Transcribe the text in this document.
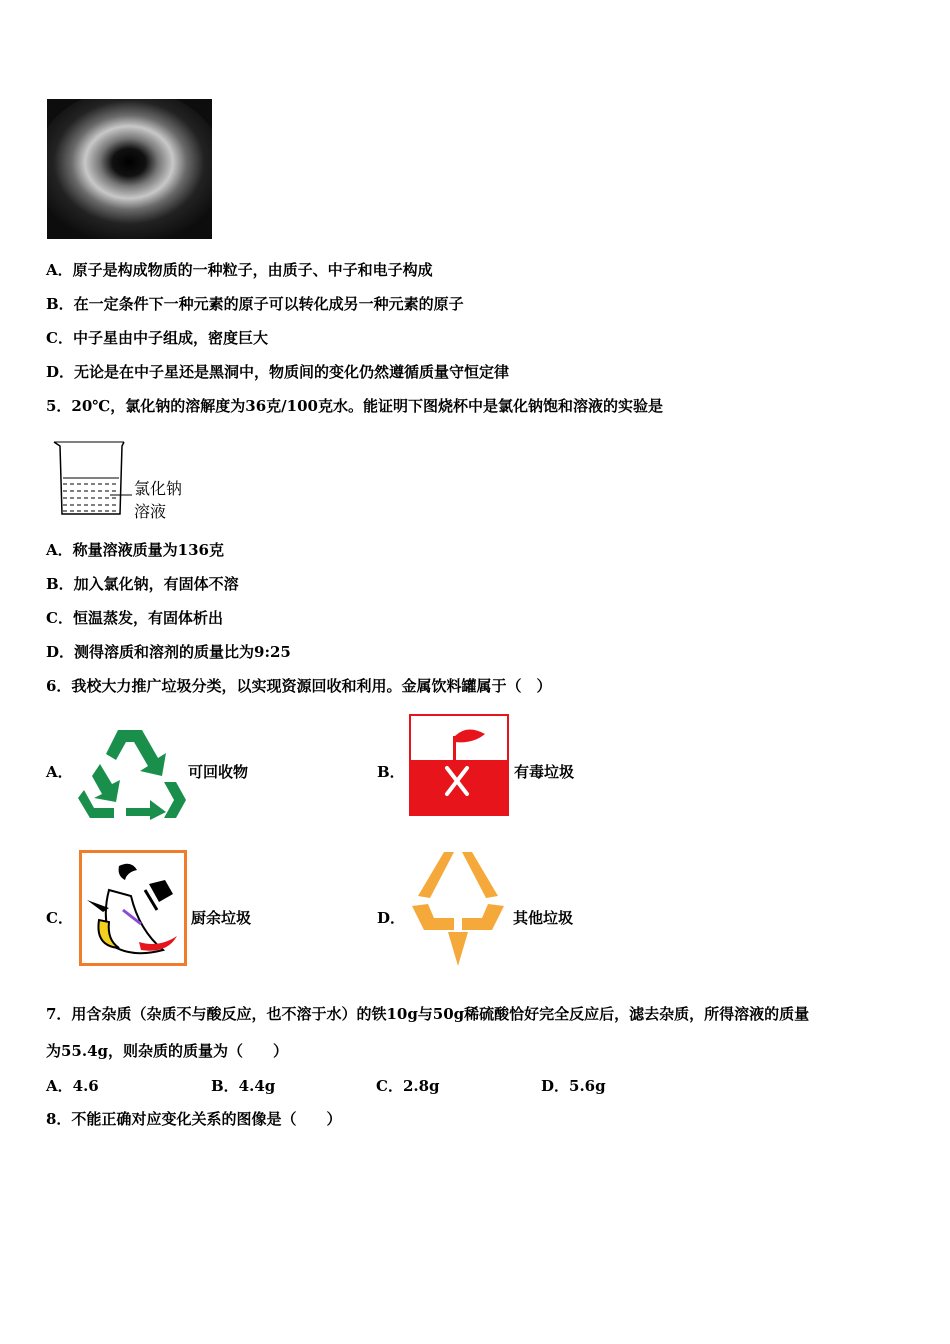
A．原子是构成物质的一种粒子，由质子、中子和电子构成
B．在一定条件下一种元素的原子可以转化成另一种元素的原子
C．中子星由中子组成，密度巨大
D．无论是在中子星还是黑洞中，物质间的变化仍然遵循质量守恒定律
5．20℃，氯化钠的溶解度为36克/100克水。能证明下图烧杯中是氯化钠饱和溶液的实验是
氯化钠
溶液
A．称量溶液质量为136克
B．加入氯化钠，有固体不溶
C．恒温蒸发，有固体析出
D．测得溶质和溶剂的质量比为9:25
6．我校大力推广垃圾分类，以实现资源回收和利用。金属饮料罐属于（　）
A．	可回收物	B．	有毒垃圾
C．	厨余垃圾	D．	其他垃圾
7．用含杂质（杂质不与酸反应，也不溶于水）的铁10g与50g稀硫酸恰好完全反应后，滤去杂质，所得溶液的质量
为55.4g，则杂质的质量为（　　）
A．4.6	B．4.4g	C．2.8g	D．5.6g
8．不能正确对应变化关系的图像是（　　）
